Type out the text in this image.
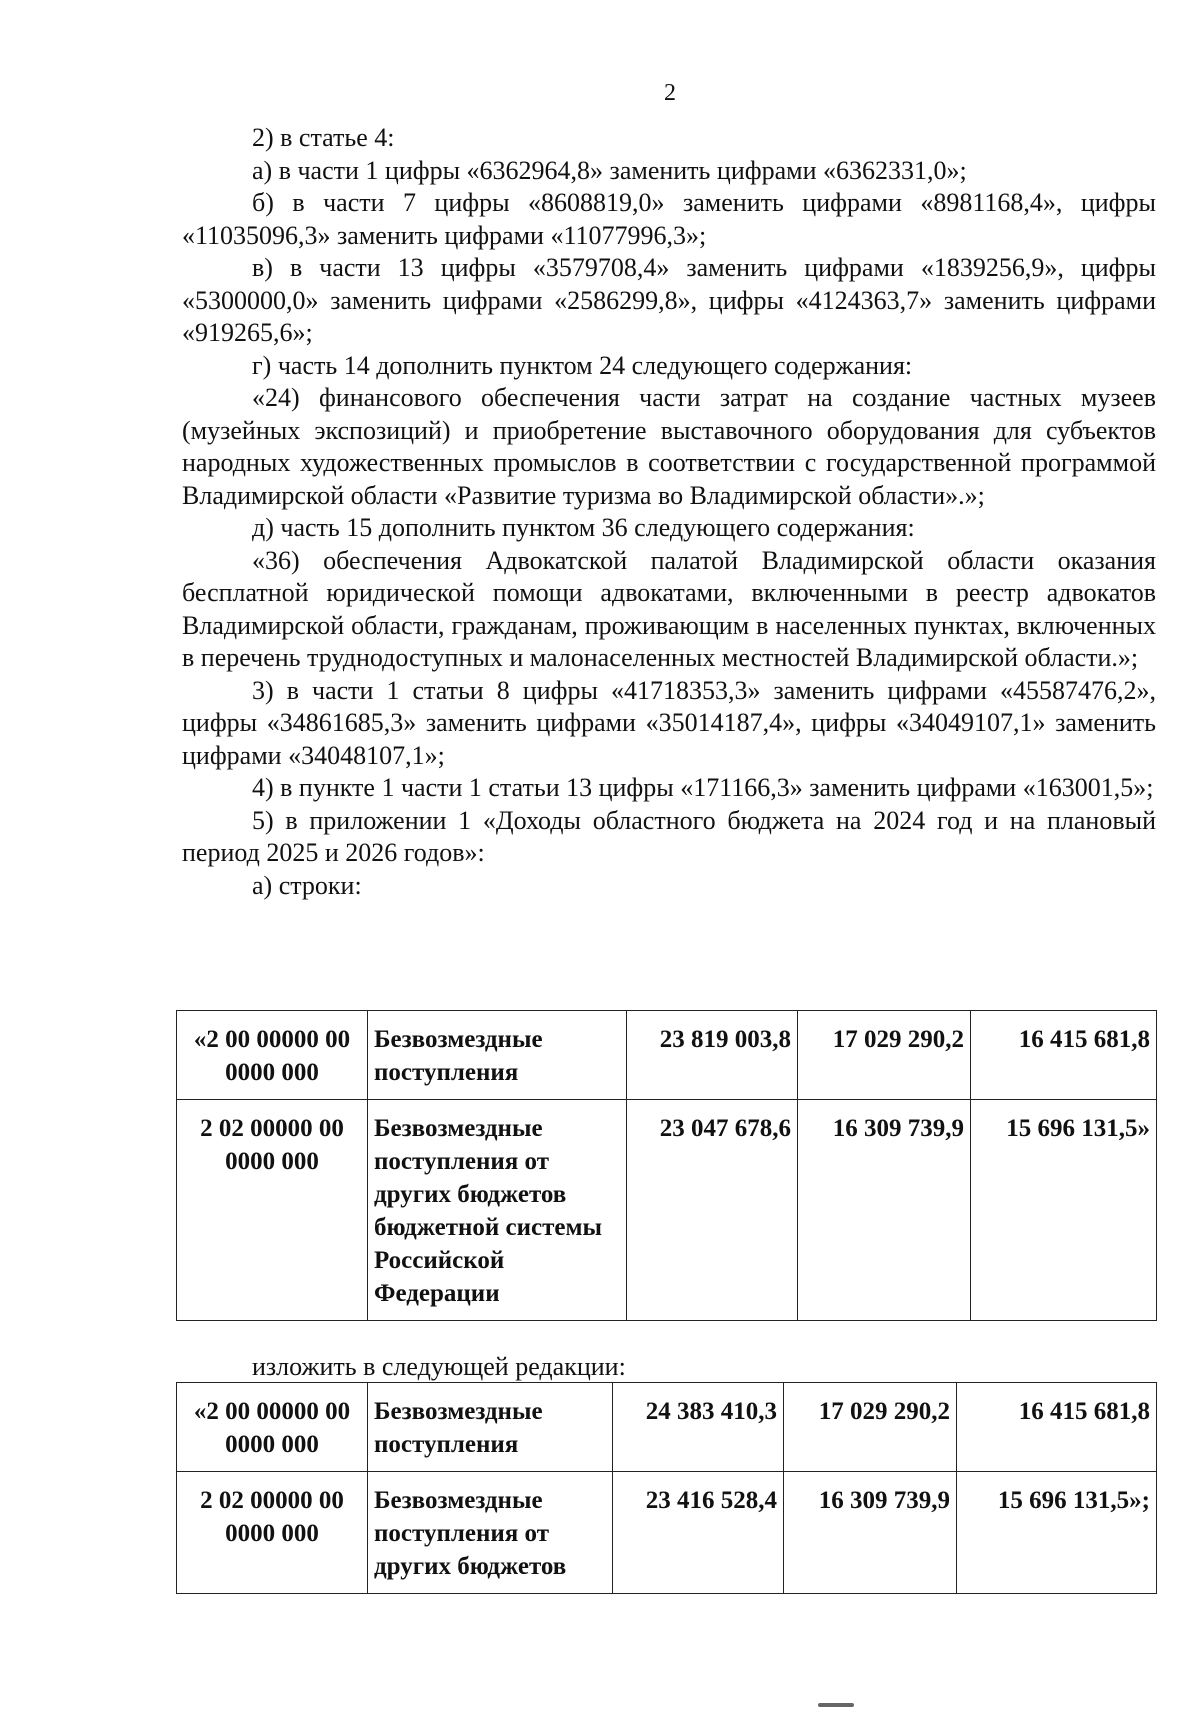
2

2) в статье 4:

а) в части 1 цифры «6362964,8» заменить цифрами «6362331,0»;

б) в части 7 цифры «8608819,0» заменить цифрами «8981168,4», цифры «11035096,3» заменить цифрами «11077996,3»;

в) в части 13 цифры «3579708,4» заменить цифрами «1839256,9», цифры «5300000,0» заменить цифрами «2586299,8», цифры «4124363,7» заменить цифрами «919265,6»;

г) часть 14 дополнить пунктом 24 следующего содержания:

«24) финансового обеспечения части затрат на создание частных музеев (музейных экспозиций) и приобретение выставочного оборудования для субъектов народных художественных промыслов в соответствии с государственной программой Владимирской области «Развитие туризма во Владимирской области».»;

д) часть 15 дополнить пунктом 36 следующего содержания:

«36) обеспечения Адвокатской палатой Владимирской области оказания бесплатной юридической помощи адвокатами, включенными в реестр адвокатов Владимирской области, гражданам, проживающим в населенных пунктах, включенных в перечень труднодоступных и малонаселенных местностей Владимирской области.»;

3) в части 1 статьи 8 цифры «41718353,3» заменить цифрами «45587476,2», цифры «34861685,3» заменить цифрами «35014187,4», цифры «34049107,1» заменить цифрами «34048107,1»;

4) в пункте 1 части 1 статьи 13 цифры «171166,3» заменить цифрами «163001,5»;

5) в приложении 1 «Доходы областного бюджета на 2024 год и на плановый период 2025 и 2026 годов»:

а) строки:

«2 00 00000 00 0000 000	Безвозмездные поступления	23 819 003,8	17 029 290,2	16 415 681,8
2 02 00000 00 0000 000	Безвозмездные поступления от других бюджетов бюджетной системы Российской Федерации	23 047 678,6	16 309 739,9	15 696 131,5»
изложить в следующей редакции:
«2 00 00000 00 0000 000	Безвозмездные поступления	24 383 410,3	17 029 290,2	16 415 681,8
2 02 00000 00 0000 000	Безвозмездные поступления от других бюджетов	23 416 528,4	16 309 739,9	15 696 131,5»;
